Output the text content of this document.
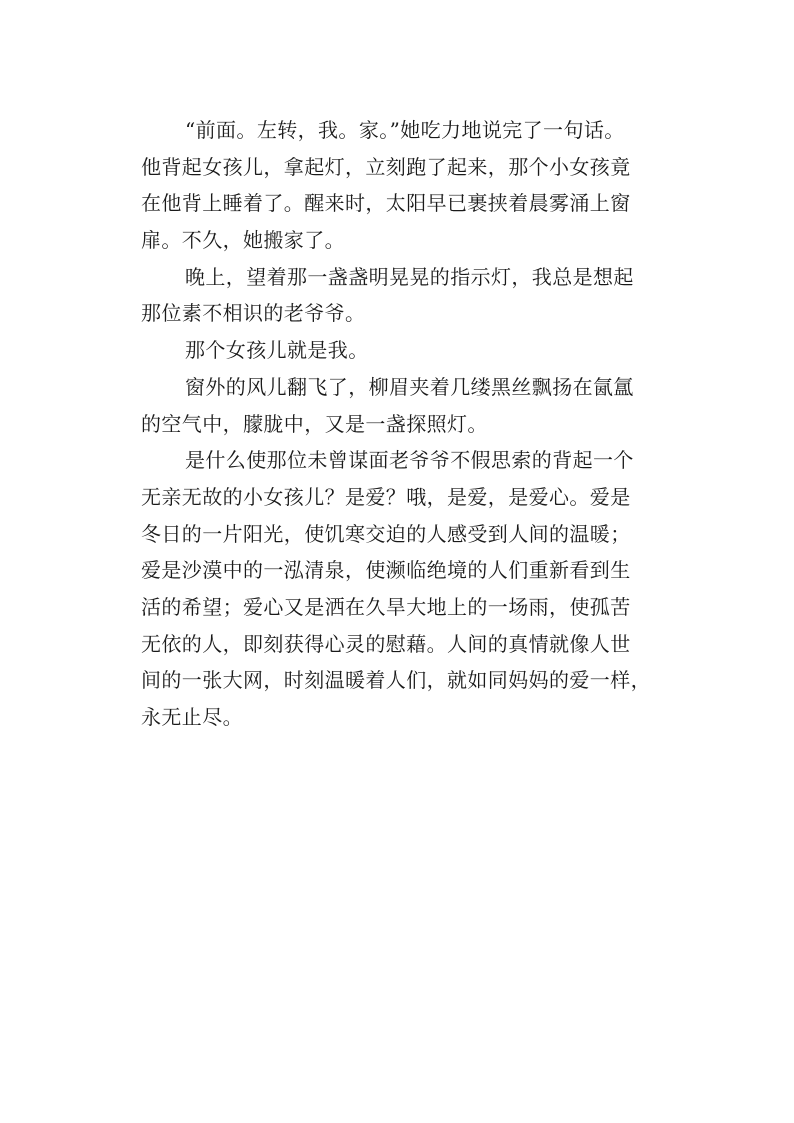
“前面。左转，我。家。”她吃力地说完了一句话。
他背起女孩儿，拿起灯，立刻跑了起来，那个小女孩竟
在他背上睡着了。醒来时，太阳早已裹挟着晨雾涌上窗
扉。不久，她搬家了。
晚上，望着那一盏盏明晃晃的指示灯，我总是想起
那位素不相识的老爷爷。
那个女孩儿就是我。
窗外的风儿翻飞了，柳眉夹着几缕黑丝飘扬在氤氲
的空气中，朦胧中，又是一盏探照灯。
是什么使那位未曾谋面老爷爷不假思索的背起一个
无亲无故的小女孩儿？是爱？哦，是爱，是爱心。爱是
冬日的一片阳光，使饥寒交迫的人感受到人间的温暖；
爱是沙漠中的一泓清泉，使濒临绝境的人们重新看到生
活的希望；爱心又是洒在久旱大地上的一场雨，使孤苦
无依的人，即刻获得心灵的慰藉。人间的真情就像人世
间的一张大网，时刻温暖着人们，就如同妈妈的爱一样，
永无止尽。
